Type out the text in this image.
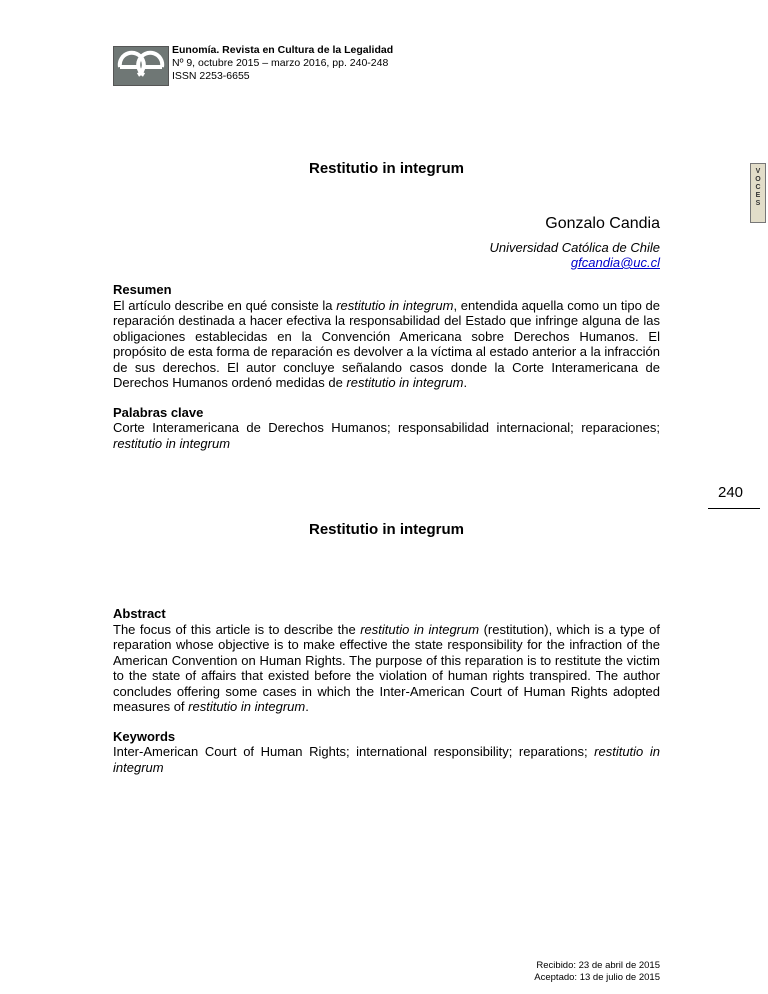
Eunomía. Revista en Cultura de la Legalidad
Nº 9, octubre 2015 – marzo 2016, pp. 240-248
ISSN 2253-6655
VOCES
Restitutio in integrum
Gonzalo Candia
Universidad Católica de Chile
gfcandia@uc.cl
Resumen

El artículo describe en qué consiste la restitutio in integrum, entendida aquella como un tipo de reparación destinada a hacer efectiva la responsabilidad del Estado que infringe alguna de las obligaciones establecidas en la Convención Americana sobre Derechos Humanos. El propósito de esta forma de reparación es devolver a la víctima al estado anterior a la infracción de sus derechos. El autor concluye señalando casos donde la Corte Interamericana de Derechos Humanos ordenó medidas de restitutio in integrum.

Palabras clave

Corte Interamericana de Derechos Humanos; responsabilidad internacional; reparaciones; restitutio in integrum

Restitutio in integrum
Abstract

The focus of this article is to describe the restitutio in integrum (restitution), which is a type of reparation whose objective is to make effective the state responsibility for the infraction of the American Convention on Human Rights. The purpose of this reparation is to restitute the victim to the state of affairs that existed before the violation of human rights transpired. The author concludes offering some cases in which the Inter-American Court of Human Rights adopted measures of restitutio in integrum.

Keywords

Inter-American Court of Human Rights; international responsibility; reparations; restitutio in integrum

240
Recibido: 23 de abril de 2015
Aceptado: 13 de julio de 2015
